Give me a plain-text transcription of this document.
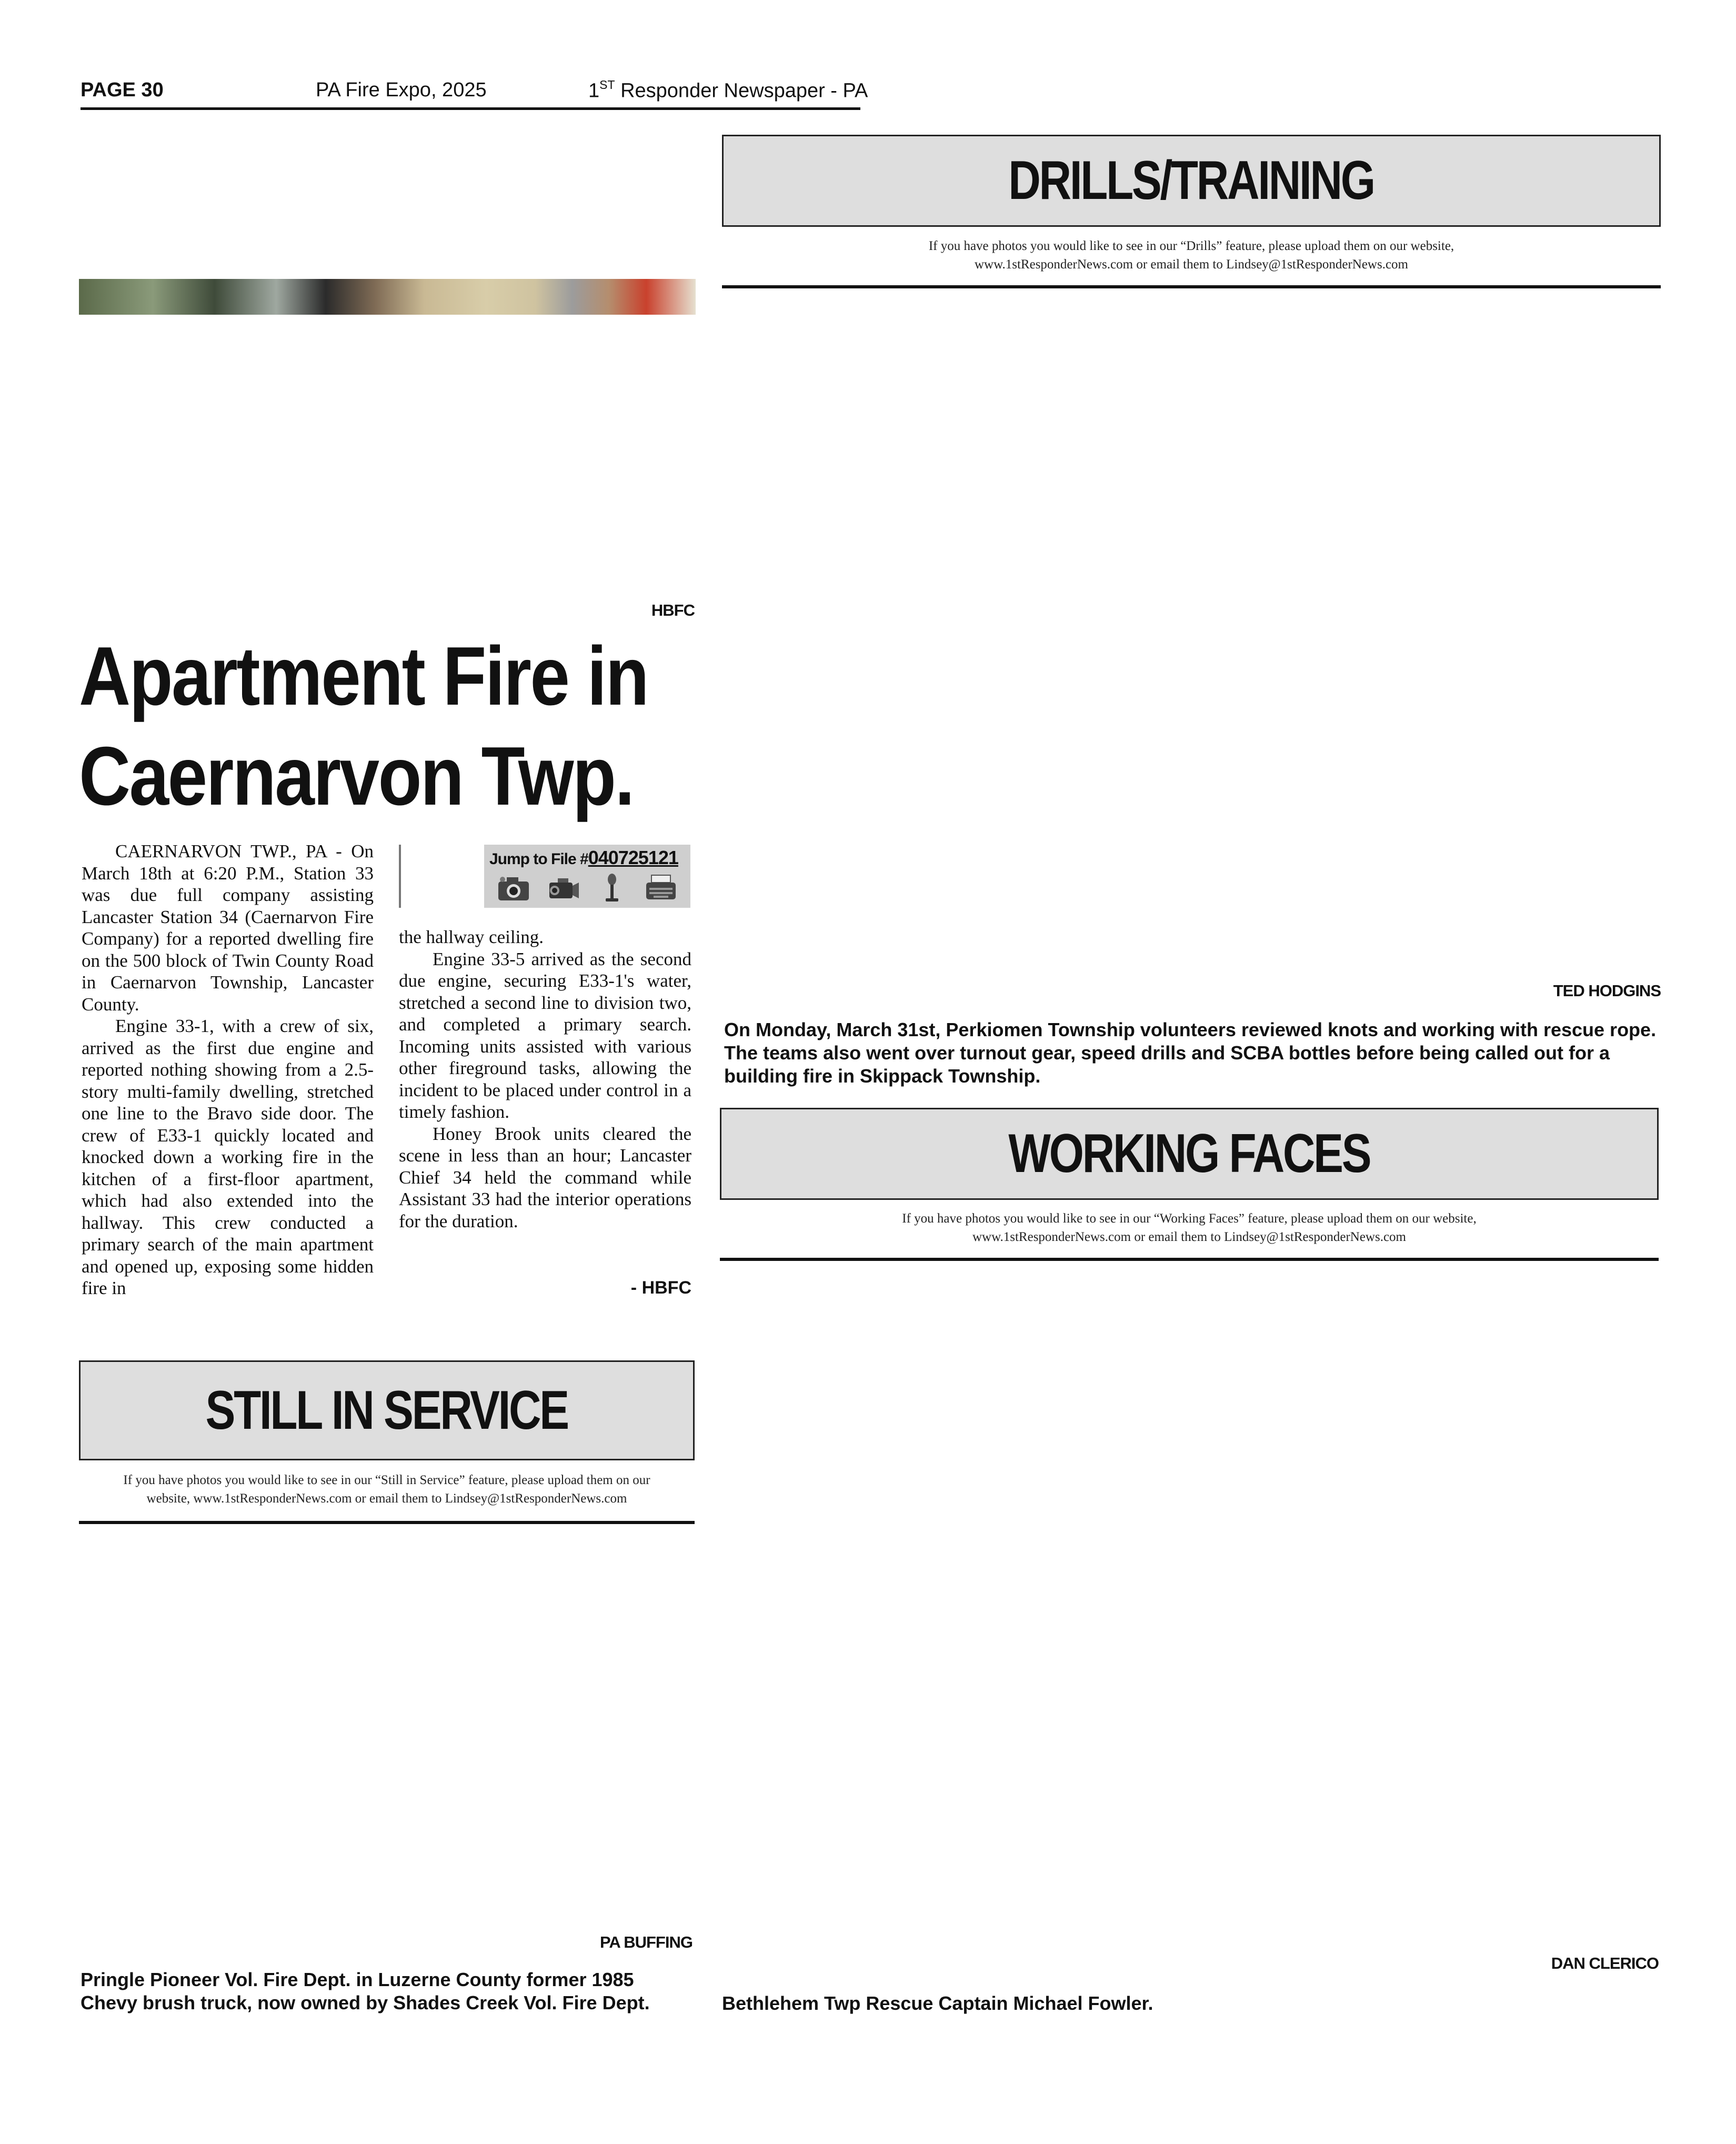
PAGE 30	PA Fire Expo, 2025	1ST Responder Newspaper - PA
DRILLS/TRAINING
If you have photos you would like to see in our “Drills” feature, please upload them on our website,
www.1stResponderNews.com or email them to Lindsey@1stResponderNews.com
TED HODGINS
On Monday, March 31st, Perkiomen Township volunteers reviewed knots and working with rescue rope. The teams also went over turnout gear, speed drills and SCBA bottles before being called out for a building fire in Skippack Township.
WORKING FACES
If you have photos you would like to see in our “Working Faces” feature, please upload them on our website,
www.1stResponderNews.com or email them to Lindsey@1stResponderNews.com
DAN CLERICO
Bethlehem Twp Rescue Captain Michael Fowler.
HBFC
Apartment Fire in
Caernarvon Twp.
Jump to File #040725121

CAERNARVON TWP., PA - On March 18th at 6:20 P.M., Station 33 was due full company assisting Lancaster Station 34 (Caernarvon Fire Company) for a reported dwelling fire on the 500 block of Twin County Road in Caernarvon Township, Lancaster County.

Engine 33-1, with a crew of six, arrived as the first due engine and reported nothing showing from a 2.5-story multi-family dwelling, stretched one line to the Bravo side door. The crew of E33-1 quickly located and knocked down a working fire in the kitchen of a first-floor apartment, which had also extended into the hallway. This crew conducted a primary search of the main apartment and opened up, exposing some hidden fire in

the hallway ceiling.

Engine 33-5 arrived as the second due engine, securing E33-1's water, stretched a second line to division two, and completed a primary search. Incoming units assisted with various other fireground tasks, allowing the incident to be placed under control in a timely fashion.

Honey Brook units cleared the scene in less than an hour; Lancaster Chief 34 held the command while Assistant 33 had the interior operations for the duration.

- HBFC
STILL IN SERVICE
If you have photos you would like to see in our “Still in Service” feature, please upload them on our
website, www.1stResponderNews.com or email them to Lindsey@1stResponderNews.com
PA BUFFING
Pringle Pioneer Vol. Fire Dept. in Luzerne County former 1985 Chevy brush truck, now owned by Shades Creek Vol. Fire Dept.
